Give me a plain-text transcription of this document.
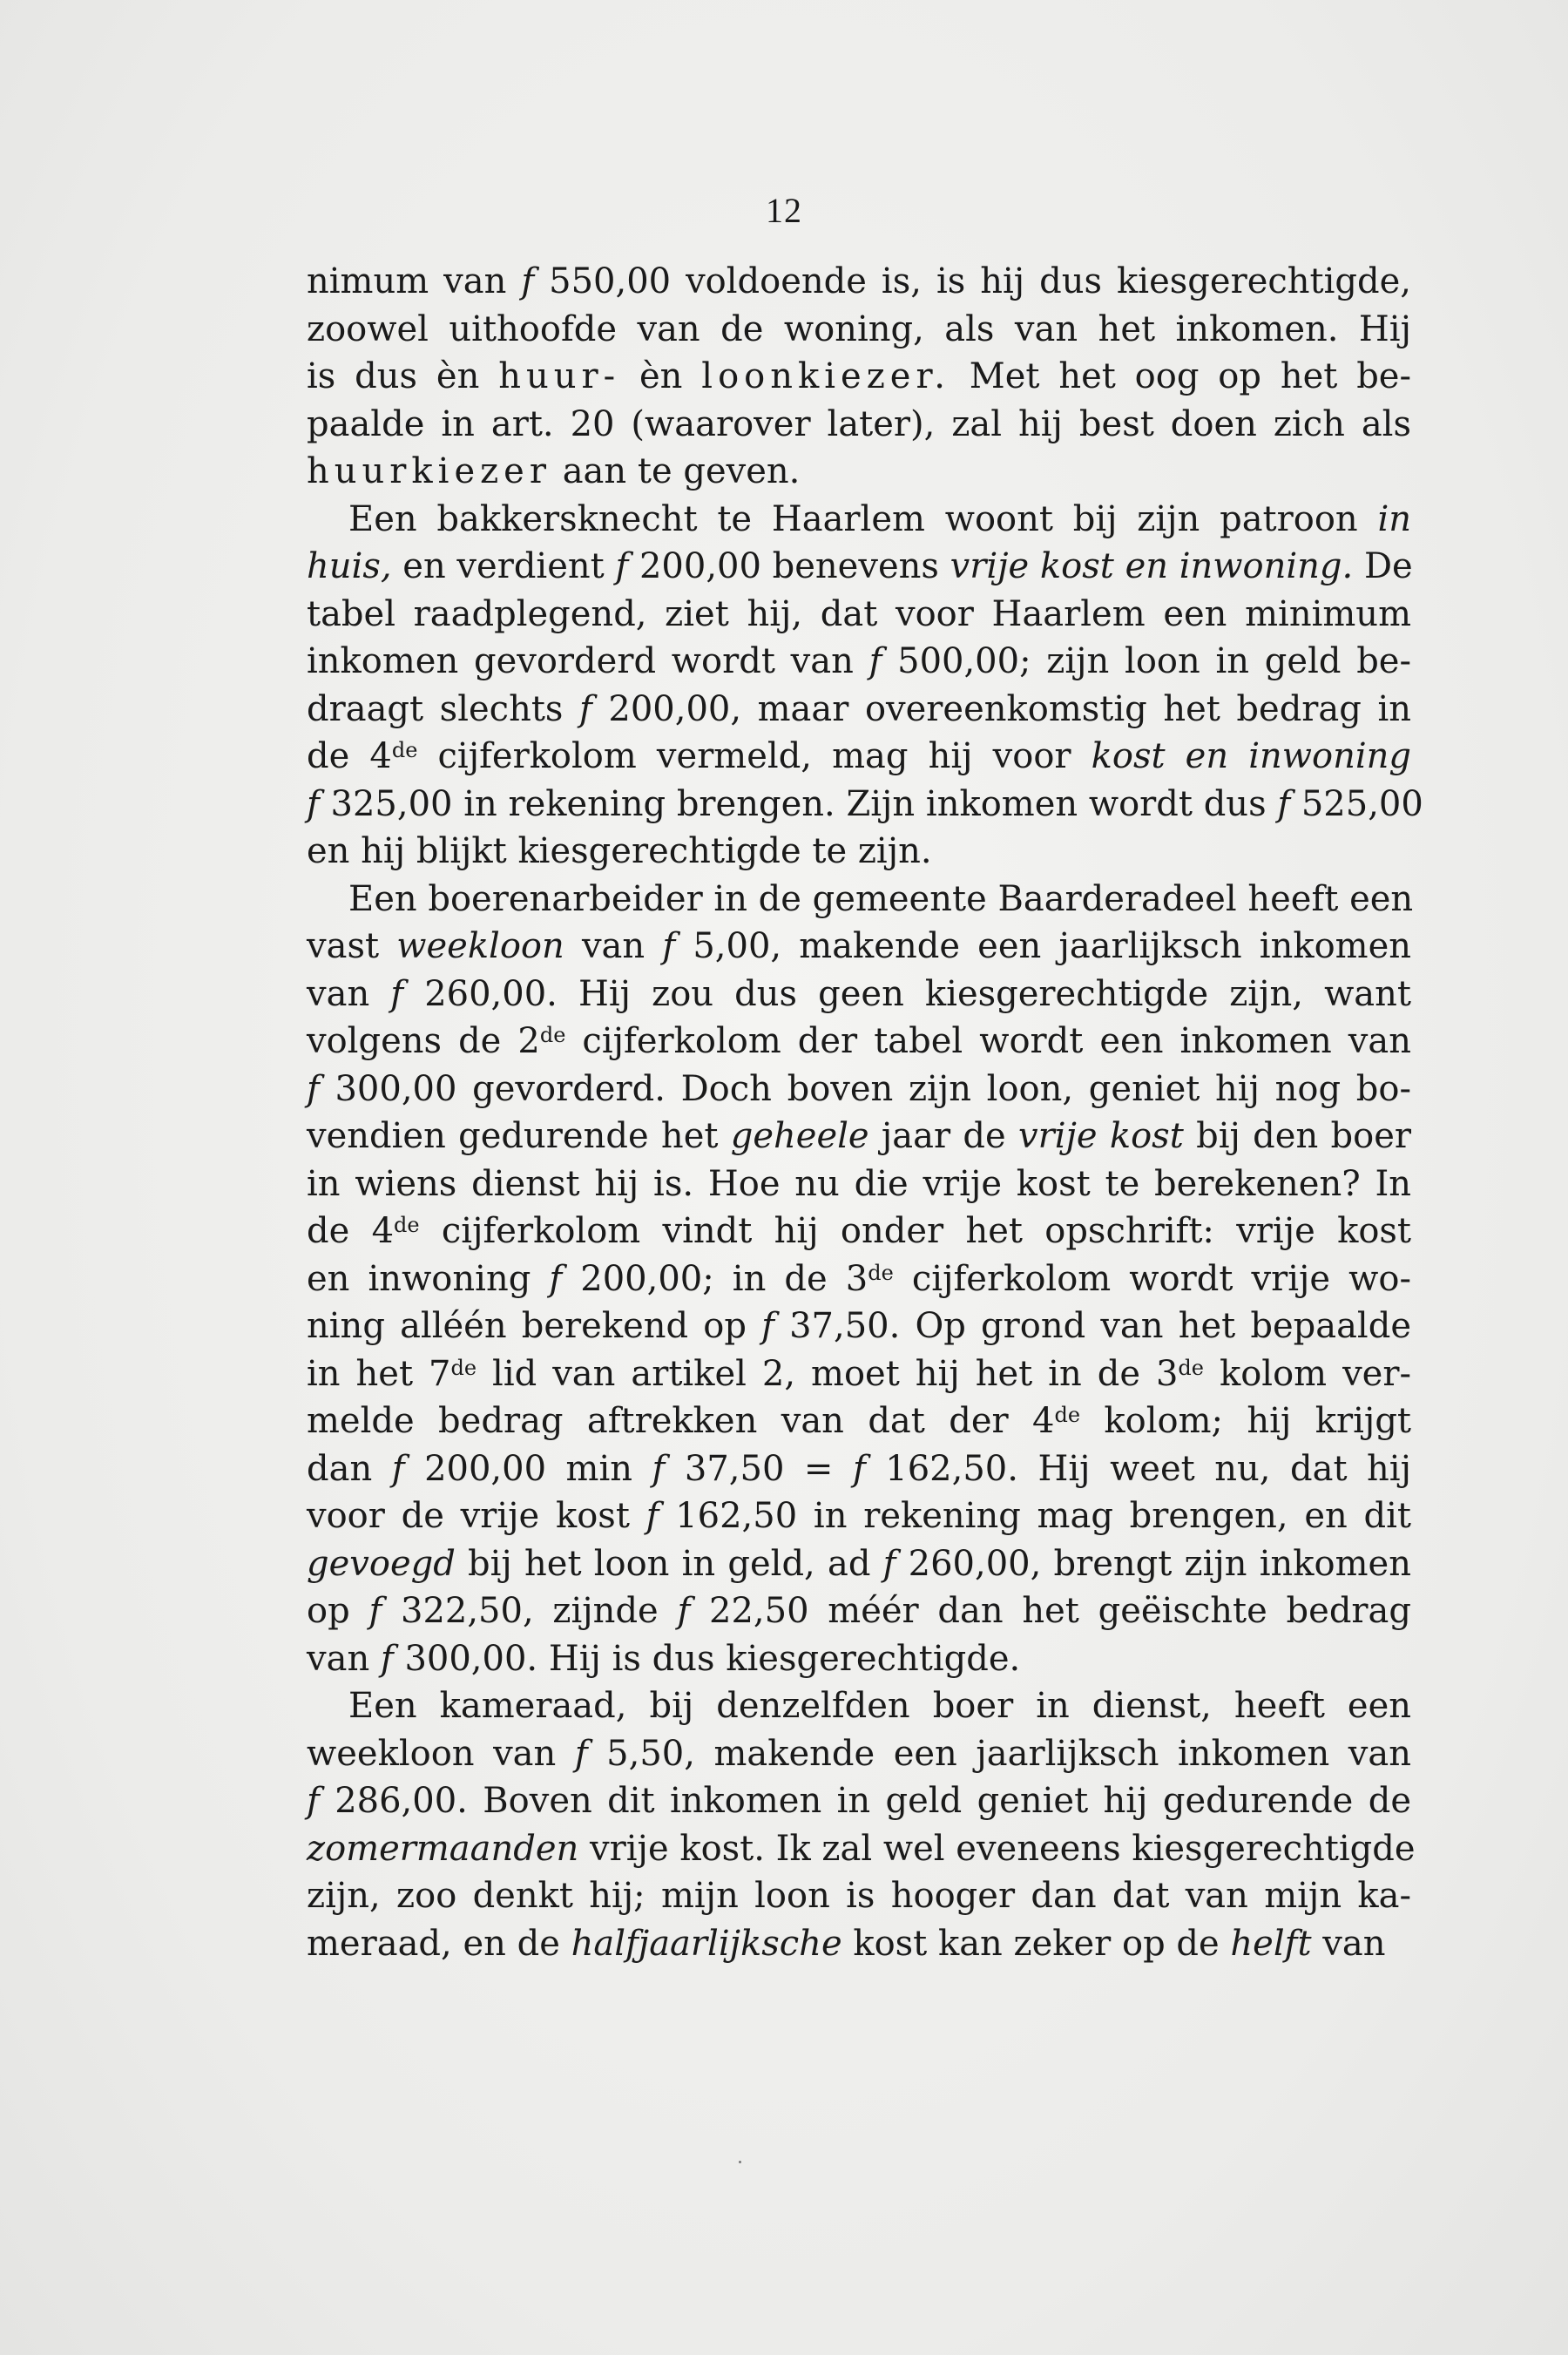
12
nimum van f 550,00 voldoende is, is hij dus kiesgerechtigde,
zoowel uithoofde van de woning, als van het inkomen. Hij
is dus èn huur- èn loonkiezer. Met het oog op het be-
paalde in art. 20 (waarover later), zal hij best doen zich als
huurkiezer aan te geven.
Een bakkersknecht te Haarlem woont bij zijn patroon in
huis, en verdient f 200,00 benevens vrije kost en inwoning. De
tabel raadplegend, ziet hij, dat voor Haarlem een minimum
inkomen gevorderd wordt van f 500,00; zijn loon in geld be-
draagt slechts f 200,00, maar overeenkomstig het bedrag in
de 4de cijferkolom vermeld, mag hij voor kost en inwoning
f 325,00 in rekening brengen. Zijn inkomen wordt dus f 525,00
en hij blijkt kiesgerechtigde te zijn.
Een boerenarbeider in de gemeente Baarderadeel heeft een
vast weekloon van f 5,00, makende een jaarlijksch inkomen
van f 260,00. Hij zou dus geen kiesgerechtigde zijn, want
volgens de 2de cijferkolom der tabel wordt een inkomen van
f 300,00 gevorderd. Doch boven zijn loon, geniet hij nog bo-
vendien gedurende het geheele jaar de vrije kost bij den boer
in wiens dienst hij is. Hoe nu die vrije kost te berekenen? In
de 4de cijferkolom vindt hij onder het opschrift: vrije kost
en inwoning f 200,00; in de 3de cijferkolom wordt vrije wo-
ning alléén berekend op f 37,50. Op grond van het bepaalde
in het 7de lid van artikel 2, moet hij het in de 3de kolom ver-
melde bedrag aftrekken van dat der 4de kolom; hij krijgt
dan f 200,00 min f 37,50 = f 162,50. Hij weet nu, dat hij
voor de vrije kost f 162,50 in rekening mag brengen, en dit
gevoegd bij het loon in geld, ad f 260,00, brengt zijn inkomen
op f 322,50, zijnde f 22,50 méér dan het geëischte bedrag
van f 300,00. Hij is dus kiesgerechtigde.
Een kameraad, bij denzelfden boer in dienst, heeft een
weekloon van f 5,50, makende een jaarlijksch inkomen van
f 286,00. Boven dit inkomen in geld geniet hij gedurende de
zomermaanden vrije kost. Ik zal wel eveneens kiesgerechtigde
zijn, zoo denkt hij; mijn loon is hooger dan dat van mijn ka-
meraad, en de halfjaarlijksche kost kan zeker op de helft van
